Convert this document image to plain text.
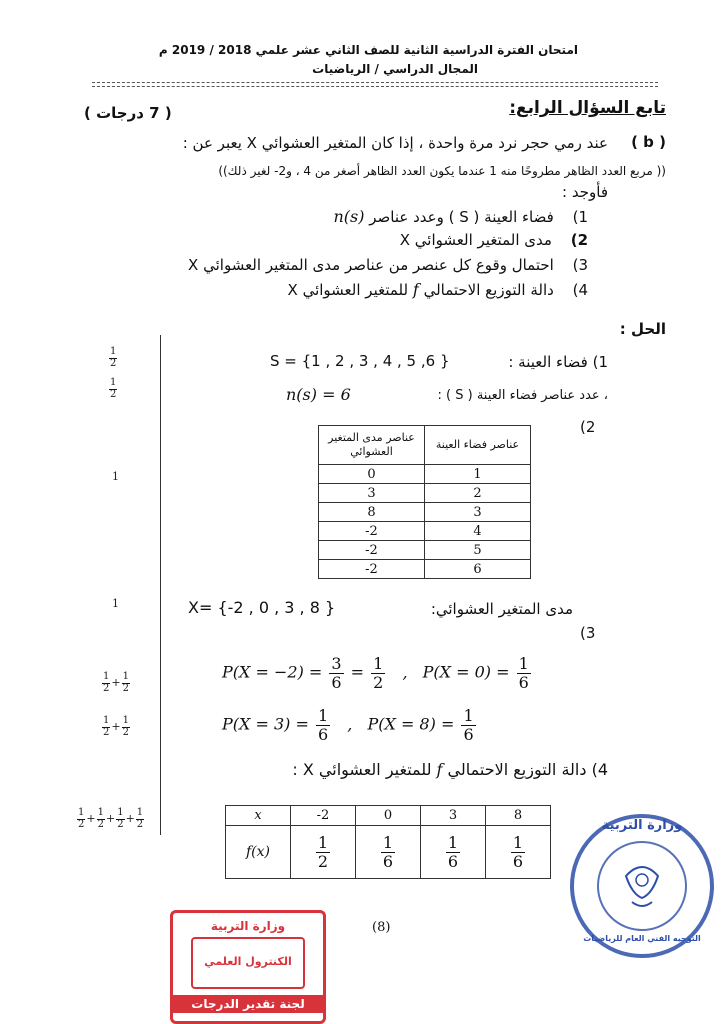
امتحان الفترة الدراسية الثانية للصف الثاني عشر علمي 2018 / 2019 م
المجال الدراسي / الرياضيات
تابع السؤال الرابع:
( 7 درجات )
( b )
عند رمي حجر نرد مرة واحدة ، إذا كان المتغير العشوائي X يعبر عن :
(( مربع العدد الظاهر مطروحًا منه 1 عندما يكون العدد الظاهر أصغر من 4 ، و2- لغير ذلك))
فأوجد :
1) فضاء العينة ( S ) وعدد عناصر n(s)
2) مدى المتغير العشوائي X
3) احتمال وقوع كل عنصر من عناصر مدى المتغير العشوائي X
4) دالة التوزيع الاحتمالي f للمتغير العشوائي X
الحل :
$\frac{1}{2}$
$\frac{1}{2}$
1
1
$\frac{1}{2} + \frac{1}{2}$
$\frac{1}{2} + \frac{1}{2}$
$\frac{1}{2} + \frac{1}{2} + \frac{1}{2} + \frac{1}{2}$
S = {1 , 2 , 3 , 4 , 5 ,6 }	1) فضاء العينة :
n(s) = 6	، عدد عناصر فضاء العينة ( S ) :
(2
عناصر مدى المتغير العشوائي	عناصر فضاء العينة
0	1
3	2
8	3
-2	4
-2	5
-2	6
X= {-2 , 0 , 3 , 8 }	مدى المتغير العشوائي:
(3
$P(X = -2) = \frac{3}{6} = \frac{1}{2}$ , $P(X = 0) = \frac{1}{6}$
$P(X = 3) = \frac{1}{6}$ , $P(X = 8) = \frac{1}{6}$
4) دالة التوزيع الاحتمالي f للمتغير العشوائي X :
x	-2	0	3	8
f(x)	$\frac{1}{2}$	$\frac{1}{6}$	$\frac{1}{6}$	$\frac{1}{6}$
(8)
وزارة التربية
التوجيه الفني العام للرياضيات
وزارة التربية
الكنترول العلمي
لجنة تقدير الدرجات
